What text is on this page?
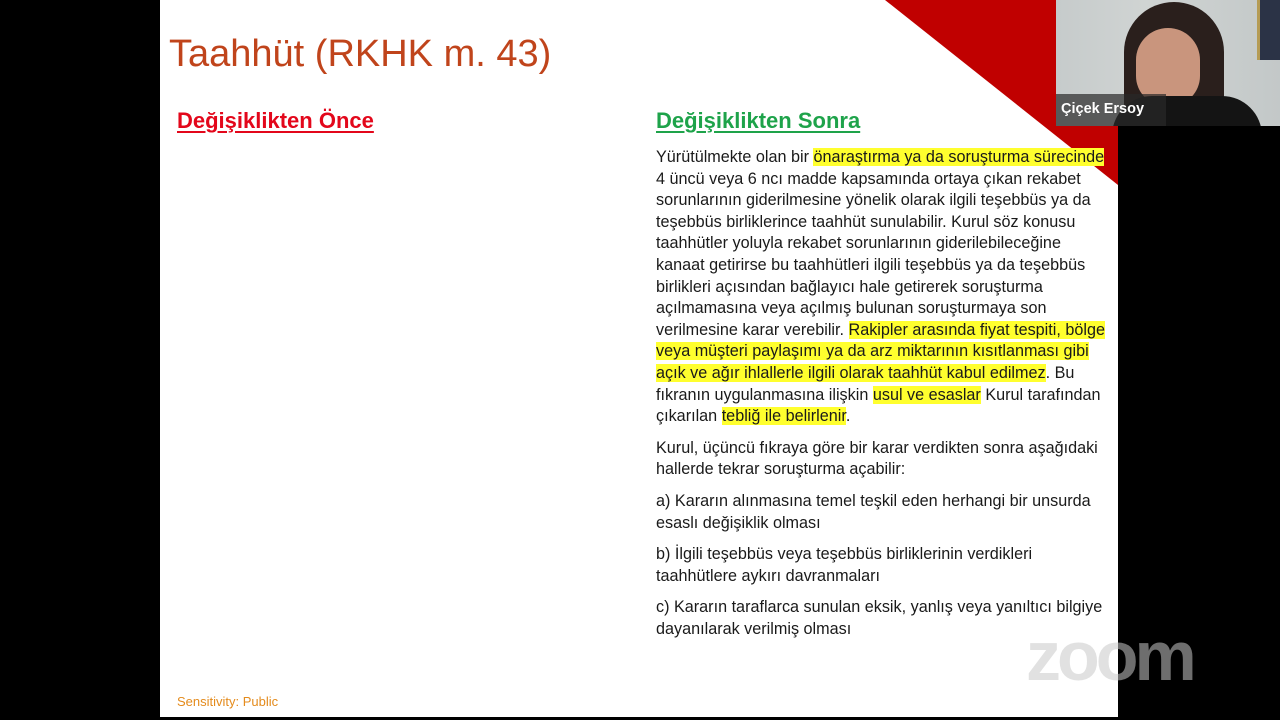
Taahhüt (RKHK m. 43)
Değişiklikten Önce	Değişiklikten Sonra

Yürütülmekte olan bir önaraştırma ya da soruşturma sürecinde 4 üncü veya 6 ncı madde kapsamında ortaya çıkan rekabet sorunlarının giderilmesine yönelik olarak ilgili teşebbüs ya da teşebbüs birliklerince taahhüt sunulabilir. Kurul söz konusu taahhütler yoluyla rekabet sorunlarının giderilebileceğine kanaat getirirse bu taahhütleri ilgili teşebbüs ya da teşebbüs birlikleri açısından bağlayıcı hale getirerek soruşturma açılmamasına veya açılmış bulunan soruşturmaya son verilmesine karar verebilir. Rakipler arasında fiyat tespiti, bölge veya müşteri paylaşımı ya da arz miktarının kısıtlanması gibi açık ve ağır ihlallerle ilgili olarak taahhüt kabul edilmez. Bu fıkranın uygulanmasına ilişkin usul ve esaslar Kurul tarafından çıkarılan tebliğ ile belirlenir.

Kurul, üçüncü fıkraya göre bir karar verdikten sonra aşağıdaki hallerde tekrar soruşturma açabilir:

a) Kararın alınmasına temel teşkil eden herhangi bir unsurda esaslı değişiklik olması

b) İlgili teşebbüs veya teşebbüs birliklerinin verdikleri taahhütlere aykırı davranmaları

c) Kararın taraflarca sunulan eksik, yanlış veya yanıltıcı bilgiye dayanılarak verilmiş olması

Sensitivity: Public
Çiçek Ersoy
zoom
